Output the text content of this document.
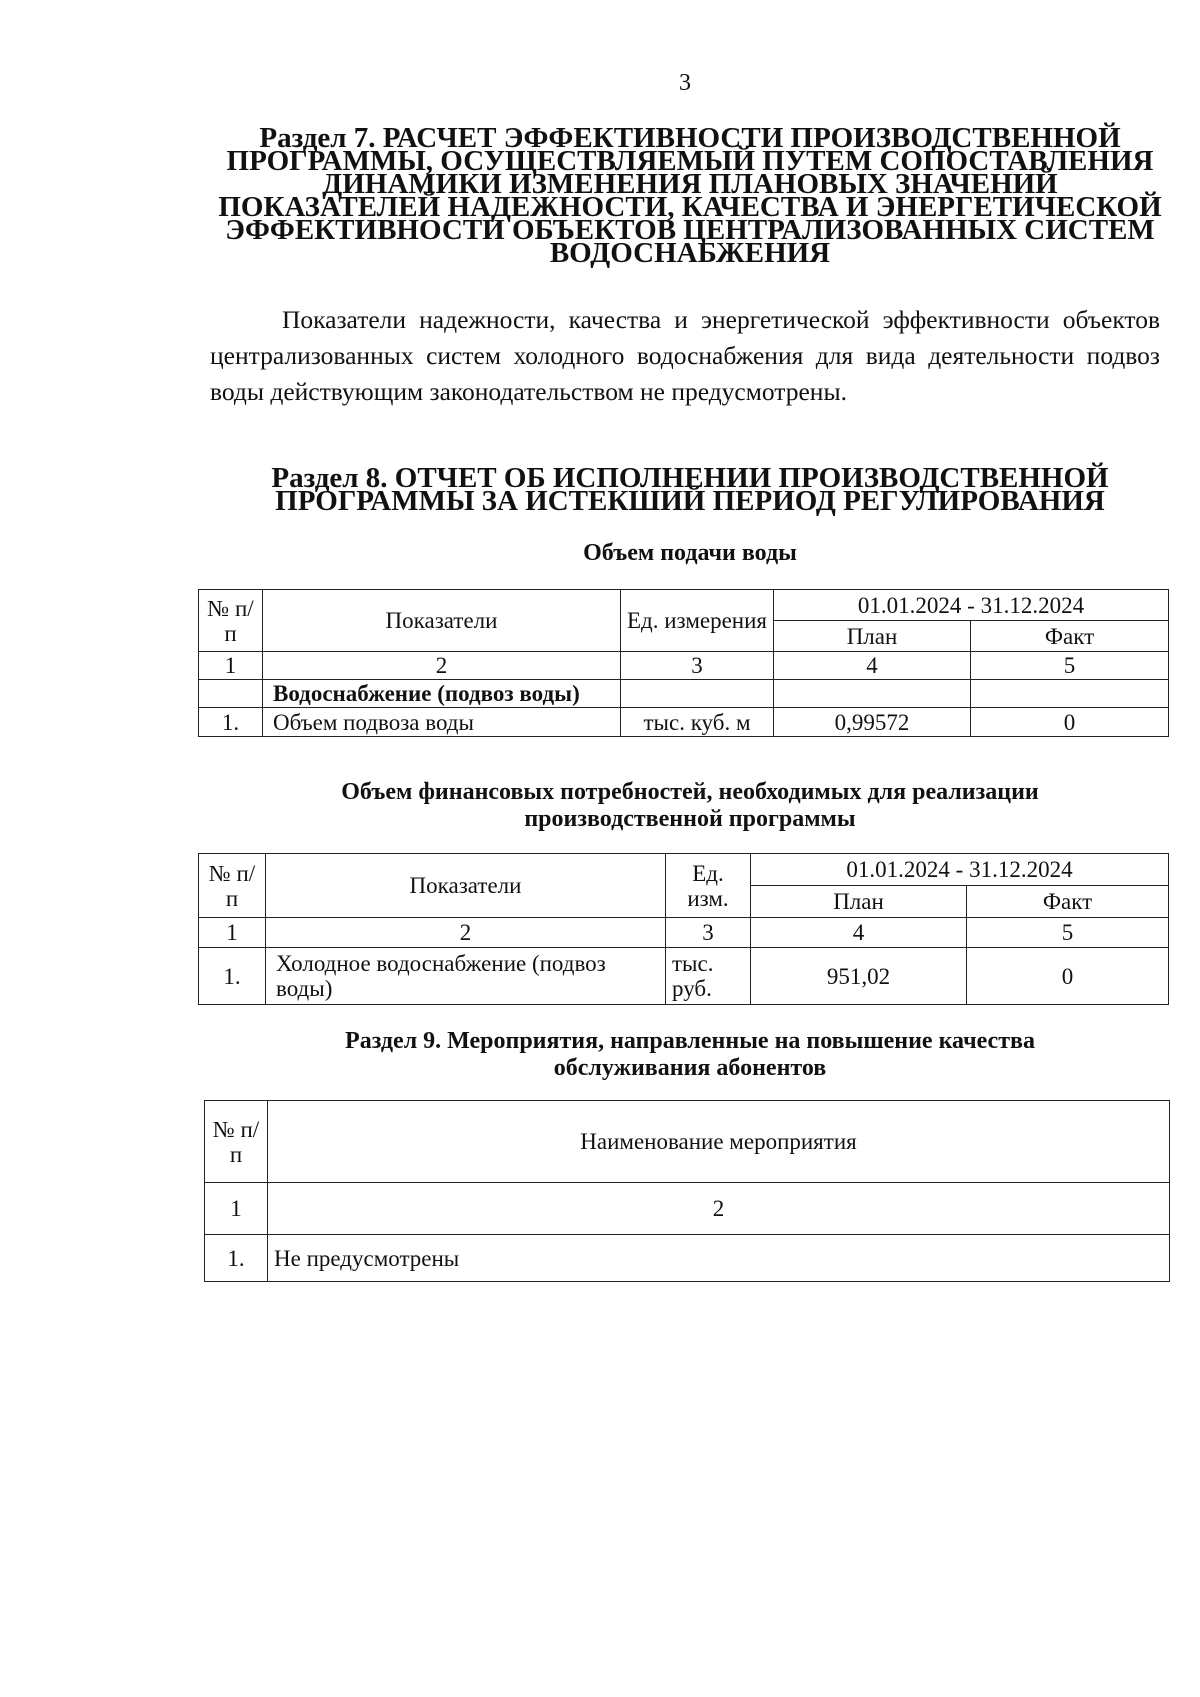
3
Раздел 7. РАСЧЕТ ЭФФЕКТИВНОСТИ ПРОИЗВОДСТВЕННОЙ
ПРОГРАММЫ, ОСУЩЕСТВЛЯЕМЫЙ ПУТЕМ СОПОСТАВЛЕНИЯ
ДИНАМИКИ ИЗМЕНЕНИЯ ПЛАНОВЫХ ЗНАЧЕНИЙ
ПОКАЗАТЕЛЕЙ НАДЕЖНОСТИ, КАЧЕСТВА И ЭНЕРГЕТИЧЕСКОЙ
ЭФФЕКТИВНОСТИ ОБЪЕКТОВ ЦЕНТРАЛИЗОВАННЫХ СИСТЕМ
ВОДОСНАБЖЕНИЯ
Показатели надежности, качества и энергетической эффективности объектов централизованных систем холодного водоснабжения для вида деятельности подвоз воды действующим законодательством не предусмотрены.
Раздел 8. ОТЧЕТ ОБ ИСПОЛНЕНИИ ПРОИЗВОДСТВЕННОЙ
ПРОГРАММЫ ЗА ИСТЕКШИЙ ПЕРИОД РЕГУЛИРОВАНИЯ
Объем подачи воды
№ п/п	Показатели	Ед. измерения	01.01.2024 - 31.12.2024	
			План	Факт
1	2	3	4	5
	Водоснабжение (подвоз воды)			
1.	Объем подвоза воды	тыс. куб. м	0,99572	0
Объем финансовых потребностей, необходимых для реализации
производственной программы
№ п/п	Показатели	Ед. изм.	01.01.2024 - 31.12.2024	
			План	Факт
1	2	3	4	5
1.	Холодное водоснабжение (подвоз воды)	тыс. руб.	951,02	0
Раздел 9. Мероприятия, направленные на повышение качества
обслуживания абонентов
№ п/п	Наименование мероприятия
1	2
1.	Не предусмотрены
